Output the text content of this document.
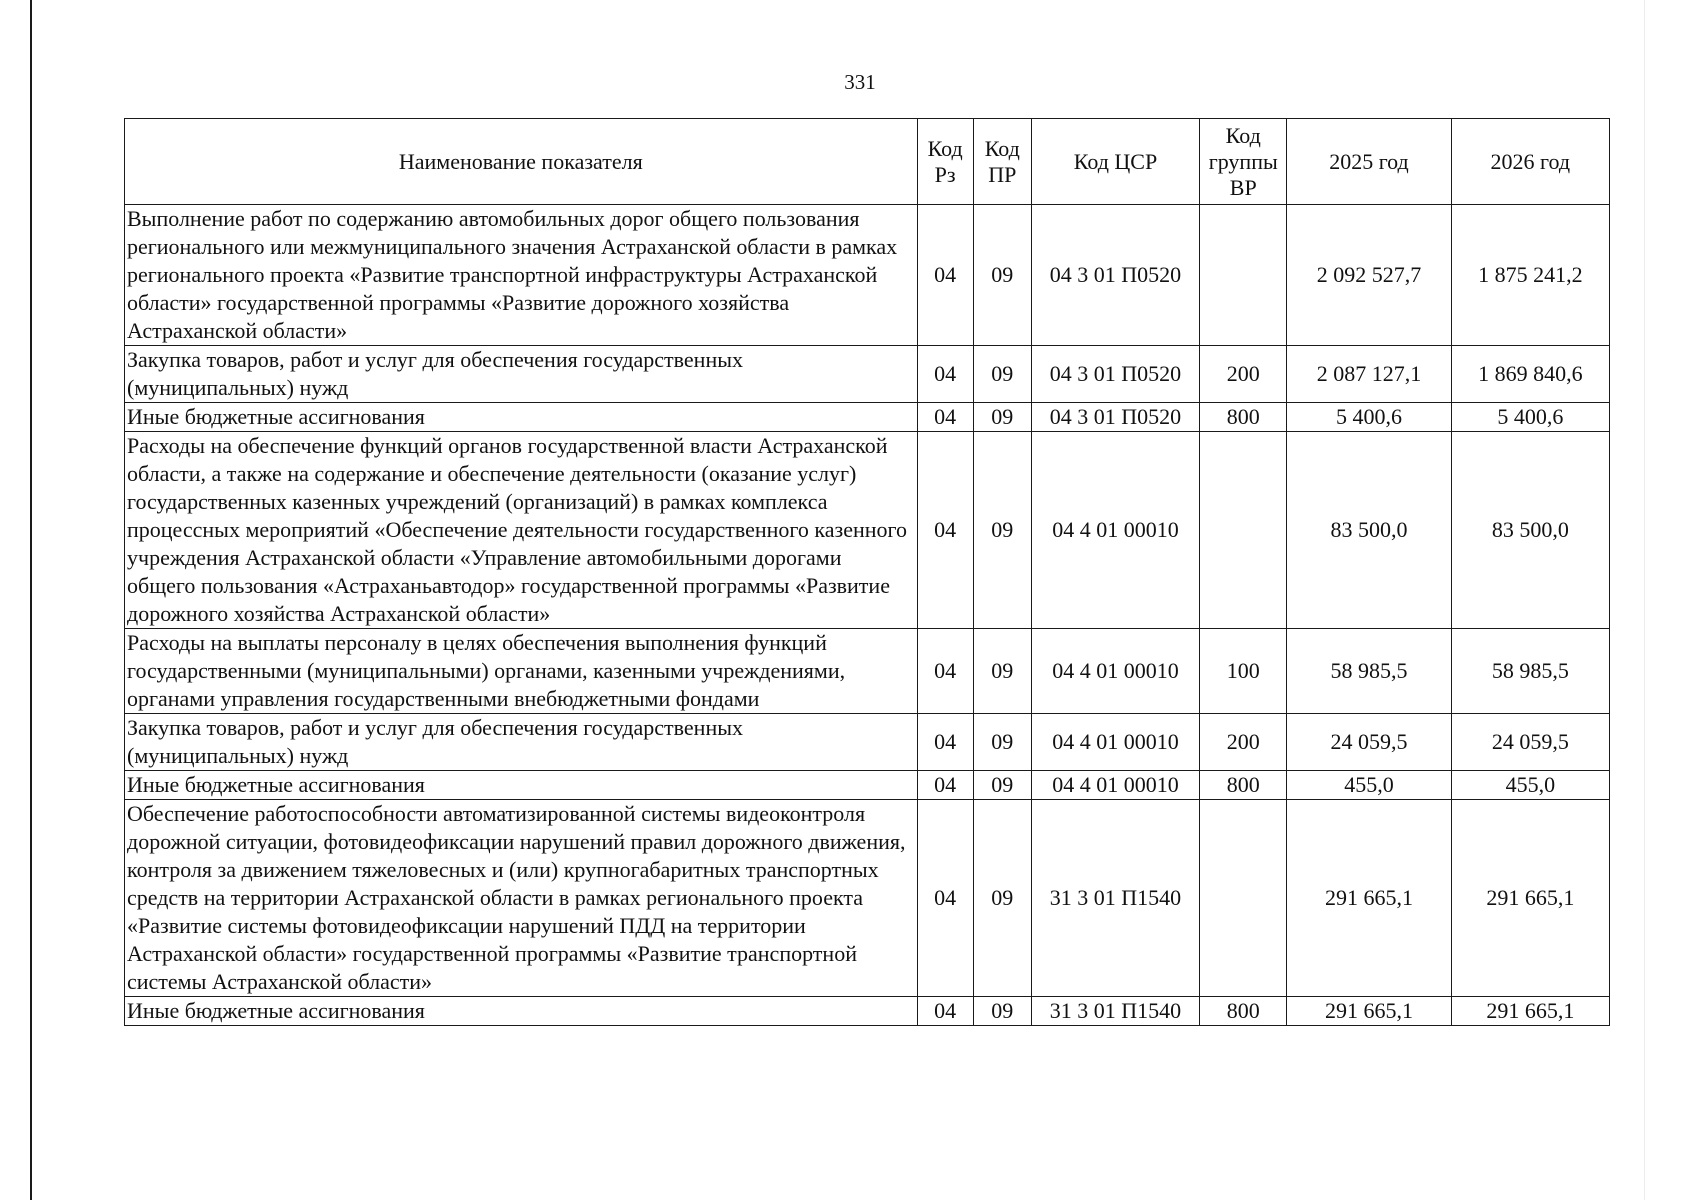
331
Наименование показателя	Код Рз	Код ПР	Код ЦСР	Код группы ВР	2025 год	2026 год
Выполнение работ по содержанию автомобильных дорог общего пользования регионального или межмуниципального значения Астраханской области в рамках регионального проекта «Развитие транспортной инфраструктуры Астраханской области» государственной программы «Развитие дорожного хозяйства Астраханской области»	04	09	04 3 01 П0520		2 092 527,7	1 875 241,2
Закупка товаров, работ и услуг для обеспечения государственных (муниципальных) нужд	04	09	04 3 01 П0520	200	2 087 127,1	1 869 840,6
Иные бюджетные ассигнования	04	09	04 3 01 П0520	800	5 400,6	5 400,6
Расходы на обеспечение функций органов государственной власти Астраханской области, а также на содержание и обеспечение деятельности (оказание услуг) государственных казенных учреждений (организаций) в рамках комплекса процессных мероприятий «Обеспечение деятельности государственного казенного учреждения Астраханской области «Управление автомобильными дорогами общего пользования «Астраханьавтодор» государственной программы «Развитие дорожного хозяйства Астраханской области»	04	09	04 4 01 00010		83 500,0	83 500,0
Расходы на выплаты персоналу в целях обеспечения выполнения функций государственными (муниципальными) органами, казенными учреждениями, органами управления государственными внебюджетными фондами	04	09	04 4 01 00010	100	58 985,5	58 985,5
Закупка товаров, работ и услуг для обеспечения государственных (муниципальных) нужд	04	09	04 4 01 00010	200	24 059,5	24 059,5
Иные бюджетные ассигнования	04	09	04 4 01 00010	800	455,0	455,0
Обеспечение работоспособности автоматизированной системы видеоконтроля дорожной ситуации, фотовидеофиксации нарушений правил дорожного движения, контроля за движением тяжеловесных и (или) крупногабаритных транспортных средств на территории Астраханской области в рамках регионального проекта «Развитие системы фотовидеофиксации нарушений ПДД на территории Астраханской области» государственной программы «Развитие транспортной системы Астраханской области»	04	09	31 3 01 П1540		291 665,1	291 665,1
Иные бюджетные ассигнования	04	09	31 3 01 П1540	800	291 665,1	291 665,1
